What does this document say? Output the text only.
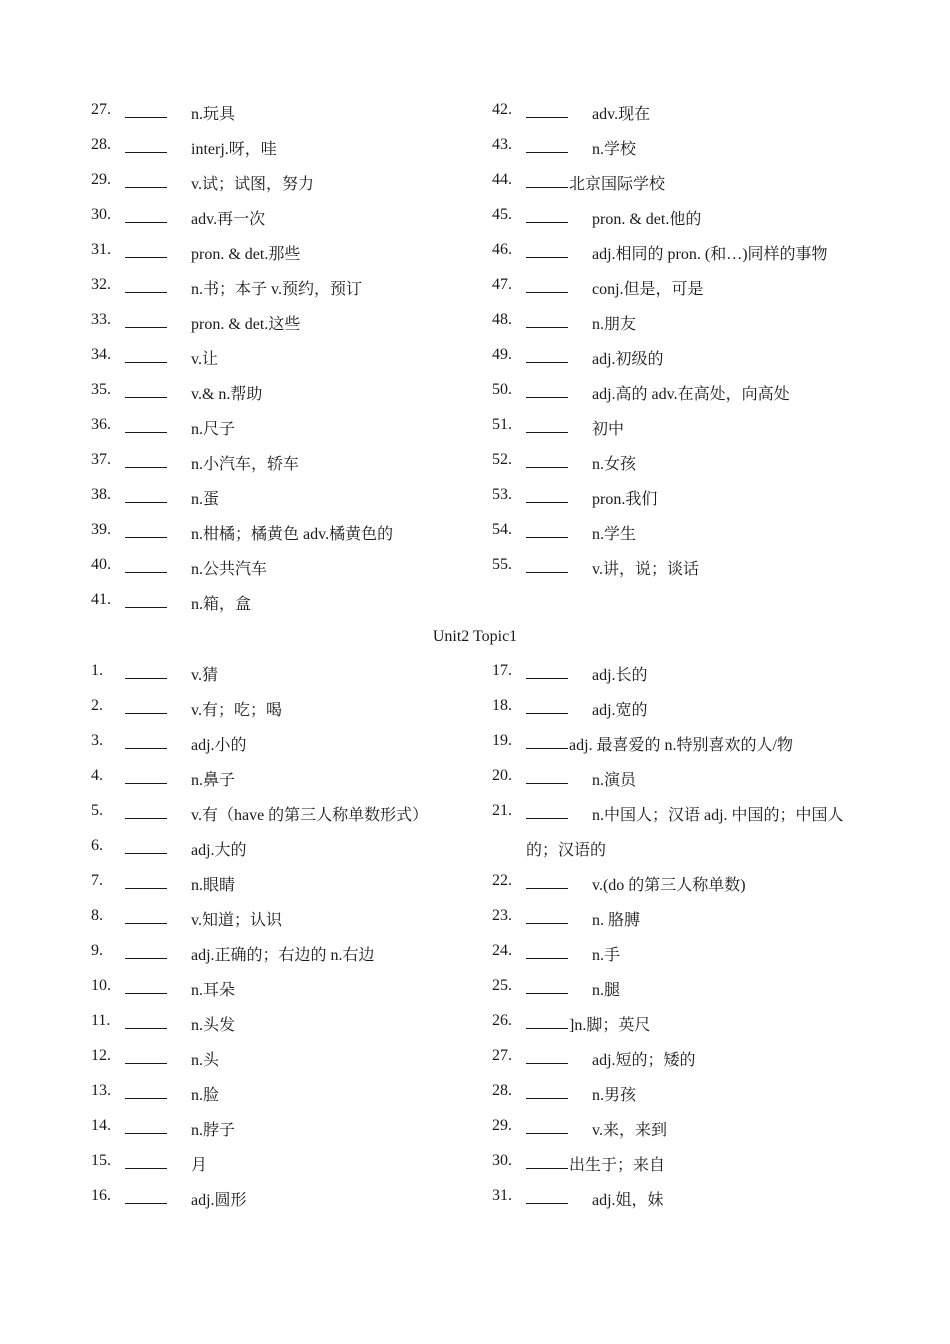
27.	n.玩具
28.	interj.呀，哇
29.	v.试；试图，努力
30.	adv.再一次
31.	pron. & det.那些
32.	n.书；本子 v.预约，预订
33.	pron. & det.这些
34.	v.让
35.	v.& n.帮助
36.	n.尺子
37.	n.小汽车，轿车
38.	n.蛋
39.	n.柑橘；橘黄色 adv.橘黄色的
40.	n.公共汽车
41.	n.箱，盒
42.	adv.现在
43.	n.学校
44.	北京国际学校
45.	pron. & det.他的
46.	adj.相同的 pron. (和…)同样的事物
47.	conj.但是，可是
48.	n.朋友
49.	adj.初级的
50.	adj.高的 adv.在高处，向高处
51.	初中
52.	n.女孩
53.	pron.我们
54.	n.学生
55.	v.讲，说；谈话
Unit2 Topic1
1.	v.猜
2.	v.有；吃；喝
3.	adj.小的
4.	n.鼻子
5.	v.有（have 的第三人称单数形式）
6.	adj.大的
7.	n.眼睛
8.	v.知道；认识
9.	adj.正确的；右边的 n.右边
10.	n.耳朵
11.	n.头发
12.	n.头
13.	n.脸
14.	n.脖子
15.	月
16.	adj.圆形
17.	adj.长的
18.	adj.宽的
19.	adj. 最喜爱的 n.特别喜欢的人/物
20.	n.演员
21.	n.中国人；汉语 adj. 中国的；中国人
的；汉语的
22.	v.(do 的第三人称单数)
23.	n. 胳膊
24.	n.手
25.	n.腿
26.	]n.脚；英尺
27.	adj.短的；矮的
28.	n.男孩
29.	v.来，来到
30.	出生于；来自
31.	adj.姐，妹
